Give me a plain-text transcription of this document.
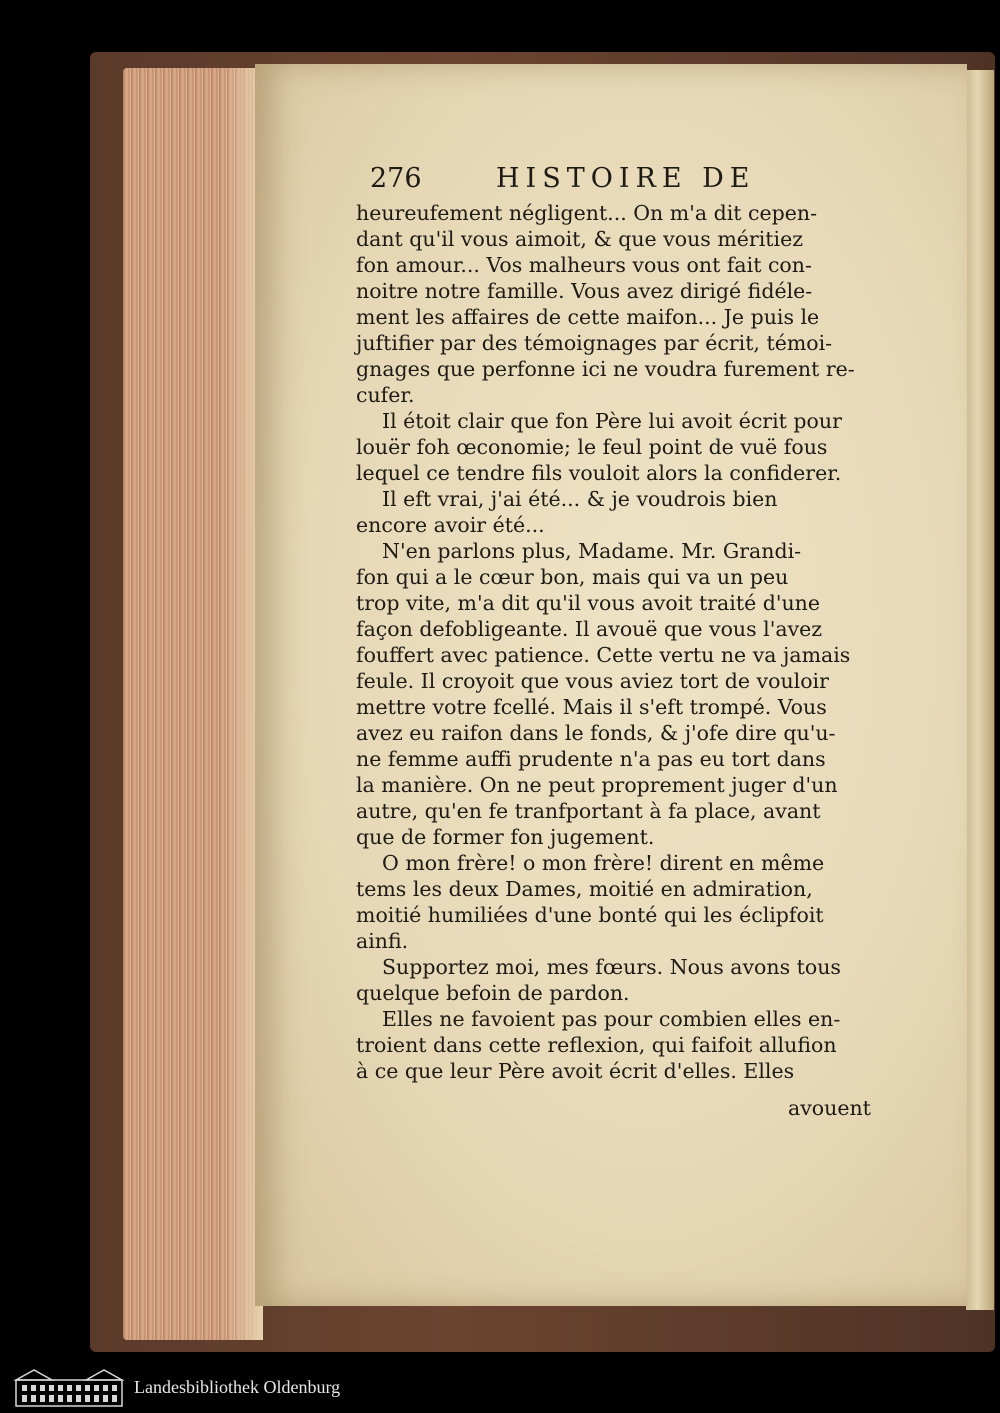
276	HISTOIRE DE
heureufement négligent... On m'a dit cepen-
dant qu'il vous aimoit, & que vous méritiez
fon amour... Vos malheurs vous ont fait con-
noitre notre famille. Vous avez dirigé fidéle-
ment les affaires de cette maifon... Je puis le
juftifier par des témoignages par écrit, témoi-
gnages que perfonne ici ne voudra furement re-
cufer.
Il étoit clair que fon Père lui avoit écrit pour
louër foh œconomie; le feul point de vuë fous
lequel ce tendre fils vouloit alors la confiderer.
Il eft vrai, j'ai été... & je voudrois bien
encore avoir été...
N'en parlons plus, Madame. Mr. Grandi-
fon qui a le cœur bon, mais qui va un peu
trop vite, m'a dit qu'il vous avoit traité d'une
façon defobligeante. Il avouë que vous l'avez
fouffert avec patience. Cette vertu ne va jamais
feule. Il croyoit que vous aviez tort de vouloir
mettre votre fcellé. Mais il s'eft trompé. Vous
avez eu raifon dans le fonds, & j'ofe dire qu'u-
ne femme auffi prudente n'a pas eu tort dans
la manière. On ne peut proprement juger d'un
autre, qu'en fe tranfportant à fa place, avant
que de former fon jugement.
O mon frère! o mon frère! dirent en même
tems les deux Dames, moitié en admiration,
moitié humiliées d'une bonté qui les éclipfoit
ainfi.
Supportez moi, mes fœurs. Nous avons tous
quelque befoin de pardon.
Elles ne favoient pas pour combien elles en-
troient dans cette reflexion, qui faifoit allufion
à ce que leur Père avoit écrit d'elles. Elles
avouent
Landesbibliothek Oldenburg
